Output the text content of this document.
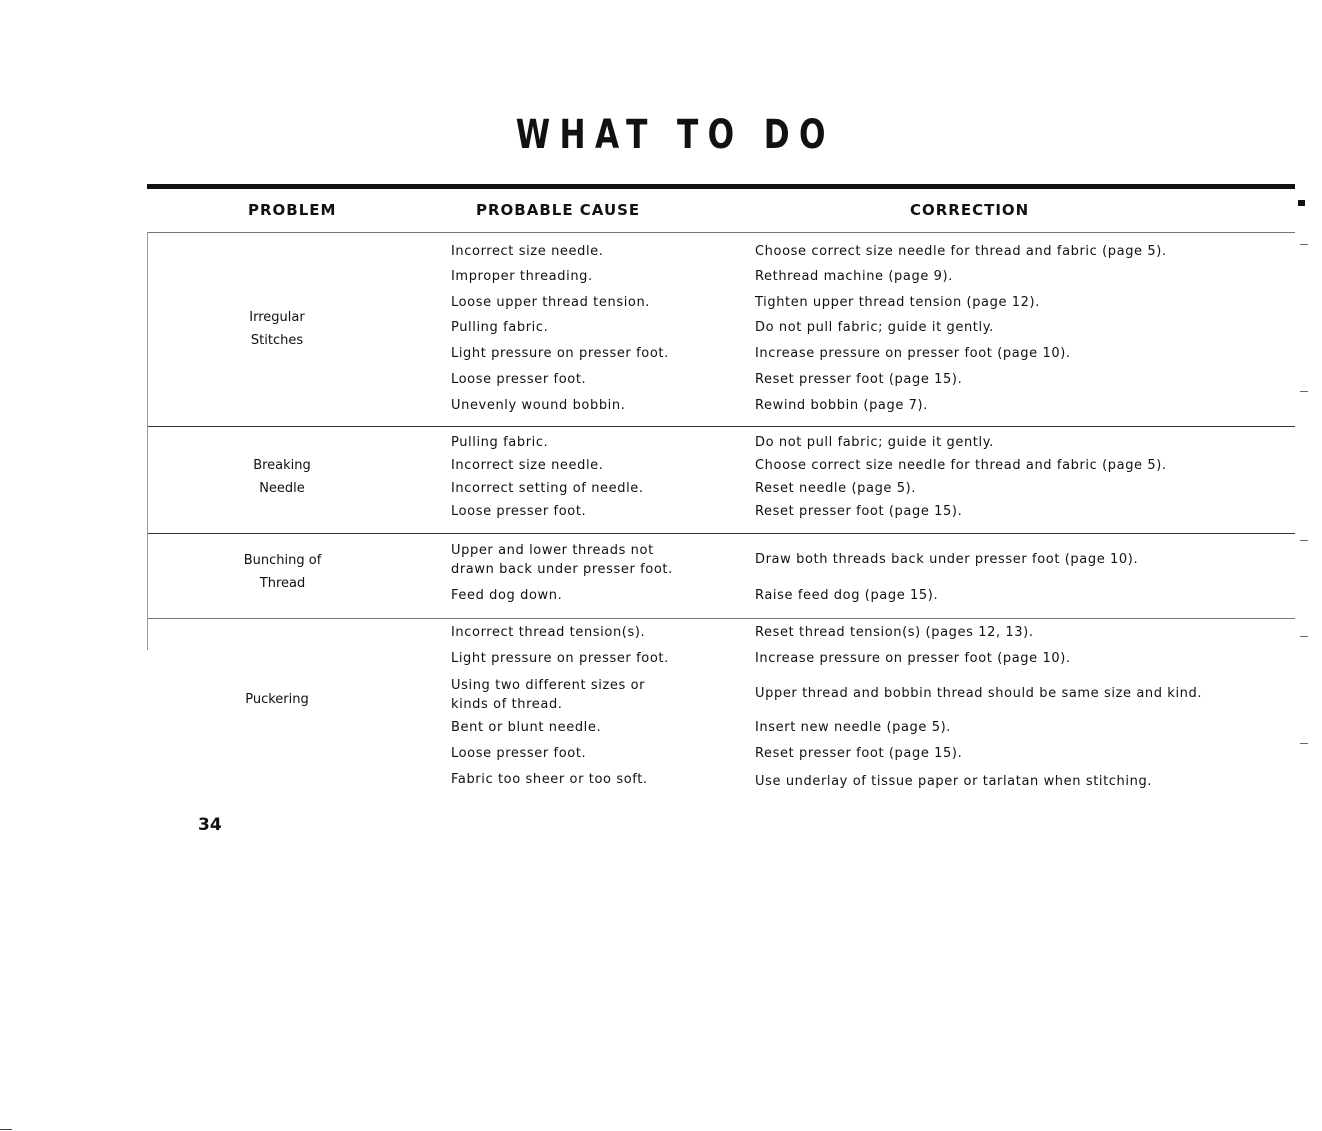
WHAT TO DO
PROBLEM	PROBABLE CAUSE	CORRECTION
Irregular
Stitches
Incorrect size needle.
Improper threading.
Loose upper thread tension.
Pulling fabric.
Light pressure on presser foot.
Loose presser foot.
Unevenly wound bobbin.
Choose correct size needle for thread and fabric (page 5).
Rethread machine (page 9).
Tighten upper thread tension (page 12).
Do not pull fabric; guide it gently.
Increase pressure on presser foot (page 10).
Reset presser foot (page 15).
Rewind bobbin (page 7).
Breaking
Needle
Pulling fabric.
Incorrect size needle.
Incorrect setting of needle.
Loose presser foot.
Do not pull fabric; guide it gently.
Choose correct size needle for thread and fabric (page 5).
Reset needle (page 5).
Reset presser foot (page 15).
Bunching of
Thread
Upper and lower threads not drawn back under presser foot.
Feed dog down.
Draw both threads back under presser foot (page 10).
Raise feed dog (page 15).
Puckering
Incorrect thread tension(s).
Light pressure on presser foot.
Using two different sizes or kinds of thread.
Bent or blunt needle.
Loose presser foot.
Fabric too sheer or too soft.
Reset thread tension(s) (pages 12, 13).
Increase pressure on presser foot (page 10).
Upper thread and bobbin thread should be same size and kind.
Insert new needle (page 5).
Reset presser foot (page 15).
Use underlay of tissue paper or tarlatan when stitching.
34
